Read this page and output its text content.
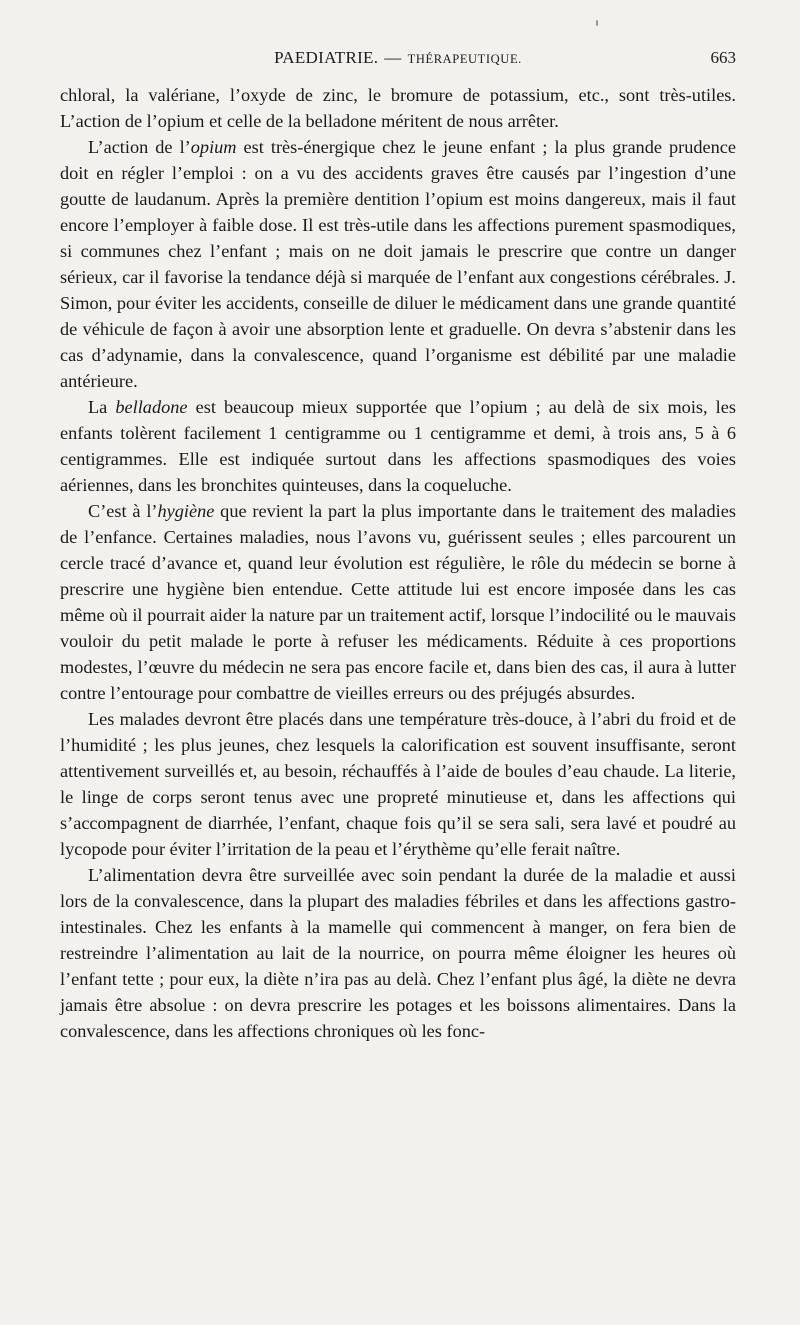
PAEDIATRIE. — THÉRAPEUTIQUE.	663

chloral, la valériane, l’oxyde de zinc, le bromure de potassium, etc., sont très-utiles. L’action de l’opium et celle de la belladone méritent de nous arrêter.

L’action de l’opium est très-énergique chez le jeune enfant ; la plus grande prudence doit en régler l’emploi : on a vu des accidents graves être causés par l’ingestion d’une goutte de laudanum. Après la première dentition l’opium est moins dangereux, mais il faut encore l’employer à faible dose. Il est très-utile dans les affections purement spasmodiques, si communes chez l’enfant ; mais on ne doit jamais le prescrire que contre un danger sérieux, car il favorise la tendance déjà si marquée de l’enfant aux congestions cérébrales. J. Simon, pour éviter les accidents, conseille de diluer le médicament dans une grande quantité de véhicule de façon à avoir une absorption lente et graduelle. On devra s’abstenir dans les cas d’adynamie, dans la convalescence, quand l’organisme est débilité par une maladie antérieure.

La belladone est beaucoup mieux supportée que l’opium ; au delà de six mois, les enfants tolèrent facilement 1 centigramme ou 1 centigramme et demi, à trois ans, 5 à 6 centigrammes. Elle est indiquée surtout dans les affections spasmodiques des voies aériennes, dans les bronchites quinteuses, dans la coqueluche.

C’est à l’hygiène que revient la part la plus importante dans le traitement des maladies de l’enfance. Certaines maladies, nous l’avons vu, guérissent seules ; elles parcourent un cercle tracé d’avance et, quand leur évolution est régulière, le rôle du médecin se borne à prescrire une hygiène bien entendue. Cette attitude lui est encore imposée dans les cas même où il pourrait aider la nature par un traitement actif, lorsque l’indocilité ou le mauvais vouloir du petit malade le porte à refuser les médicaments. Réduite à ces proportions modestes, l’œuvre du médecin ne sera pas encore facile et, dans bien des cas, il aura à lutter contre l’entourage pour combattre de vieilles erreurs ou des préjugés absurdes.

Les malades devront être placés dans une température très-douce, à l’abri du froid et de l’humidité ; les plus jeunes, chez lesquels la calorification est souvent insuffisante, seront attentivement surveillés et, au besoin, réchauffés à l’aide de boules d’eau chaude. La literie, le linge de corps seront tenus avec une propreté minutieuse et, dans les affections qui s’accompagnent de diarrhée, l’enfant, chaque fois qu’il se sera sali, sera lavé et poudré au lycopode pour éviter l’irritation de la peau et l’érythème qu’elle ferait naître.

L’alimentation devra être surveillée avec soin pendant la durée de la maladie et aussi lors de la convalescence, dans la plupart des maladies fébriles et dans les affections gastro-intestinales. Chez les enfants à la mamelle qui commencent à manger, on fera bien de restreindre l’alimentation au lait de la nourrice, on pourra même éloigner les heures où l’enfant tette ; pour eux, la diète n’ira pas au delà. Chez l’enfant plus âgé, la diète ne devra jamais être absolue : on devra prescrire les potages et les boissons alimentaires. Dans la convalescence, dans les affections chroniques où les fonc-
